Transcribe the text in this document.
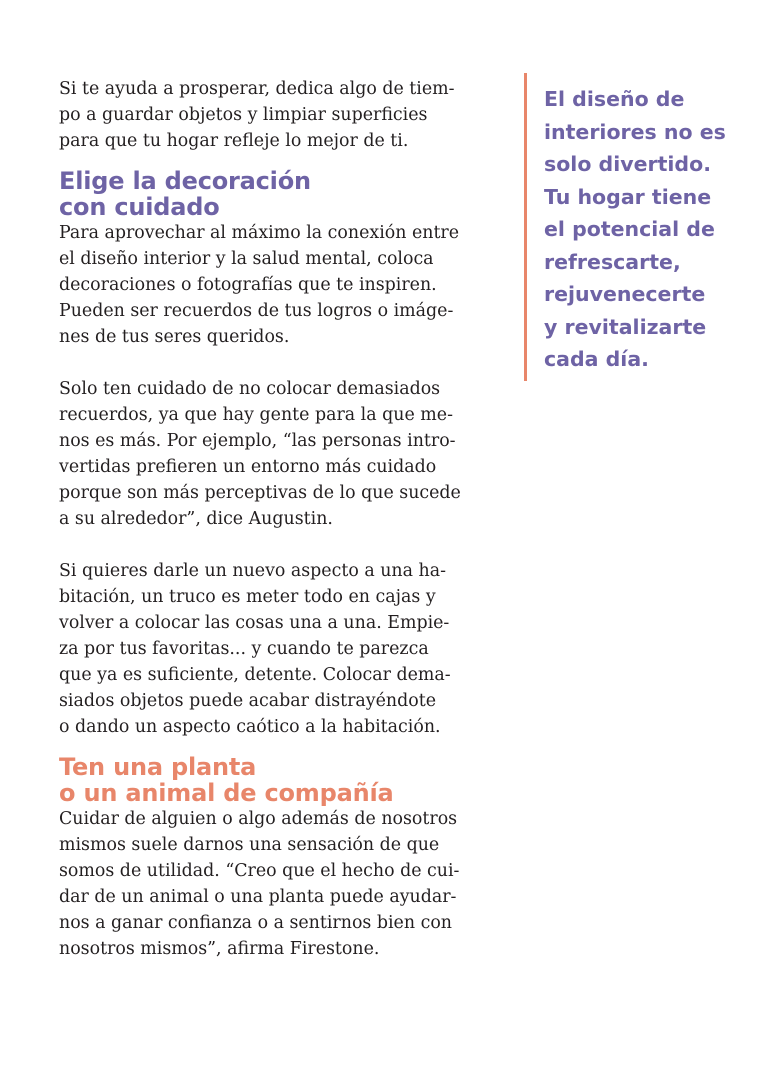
Si te ayuda a prosperar, dedica algo de tiem-
po a guardar objetos y limpiar superficies
para que tu hogar refleje lo mejor de ti.
Elige la decoración
con cuidado
Para aprovechar al máximo la conexión entre
el diseño interior y la salud mental, coloca
decoraciones o fotografías que te inspiren.
Pueden ser recuerdos de tus logros o imáge-
nes de tus seres queridos.
Solo ten cuidado de no colocar demasiados
recuerdos, ya que hay gente para la que me-
nos es más. Por ejemplo, “las personas intro-
vertidas prefieren un entorno más cuidado
porque son más perceptivas de lo que sucede
a su alrededor”, dice Augustin.
Si quieres darle un nuevo aspecto a una ha-
bitación, un truco es meter todo en cajas y
volver a colocar las cosas una a una. Empie-
za por tus favoritas... y cuando te parezca
que ya es suficiente, detente. Colocar dema-
siados objetos puede acabar distrayéndote
o dando un aspecto caótico a la habitación.
Ten una planta
o un animal de compañía
Cuidar de alguien o algo además de nosotros
mismos suele darnos una sensación de que
somos de utilidad. “Creo que el hecho de cui-
dar de un animal o una planta puede ayudar-
nos a ganar confianza o a sentirnos bien con
nosotros mismos”, afirma Firestone.
El diseño de
interiores no es
solo divertido.
Tu hogar tiene
el potencial de
refrescarte,
rejuvenecerte
y revitalizarte
cada día.
